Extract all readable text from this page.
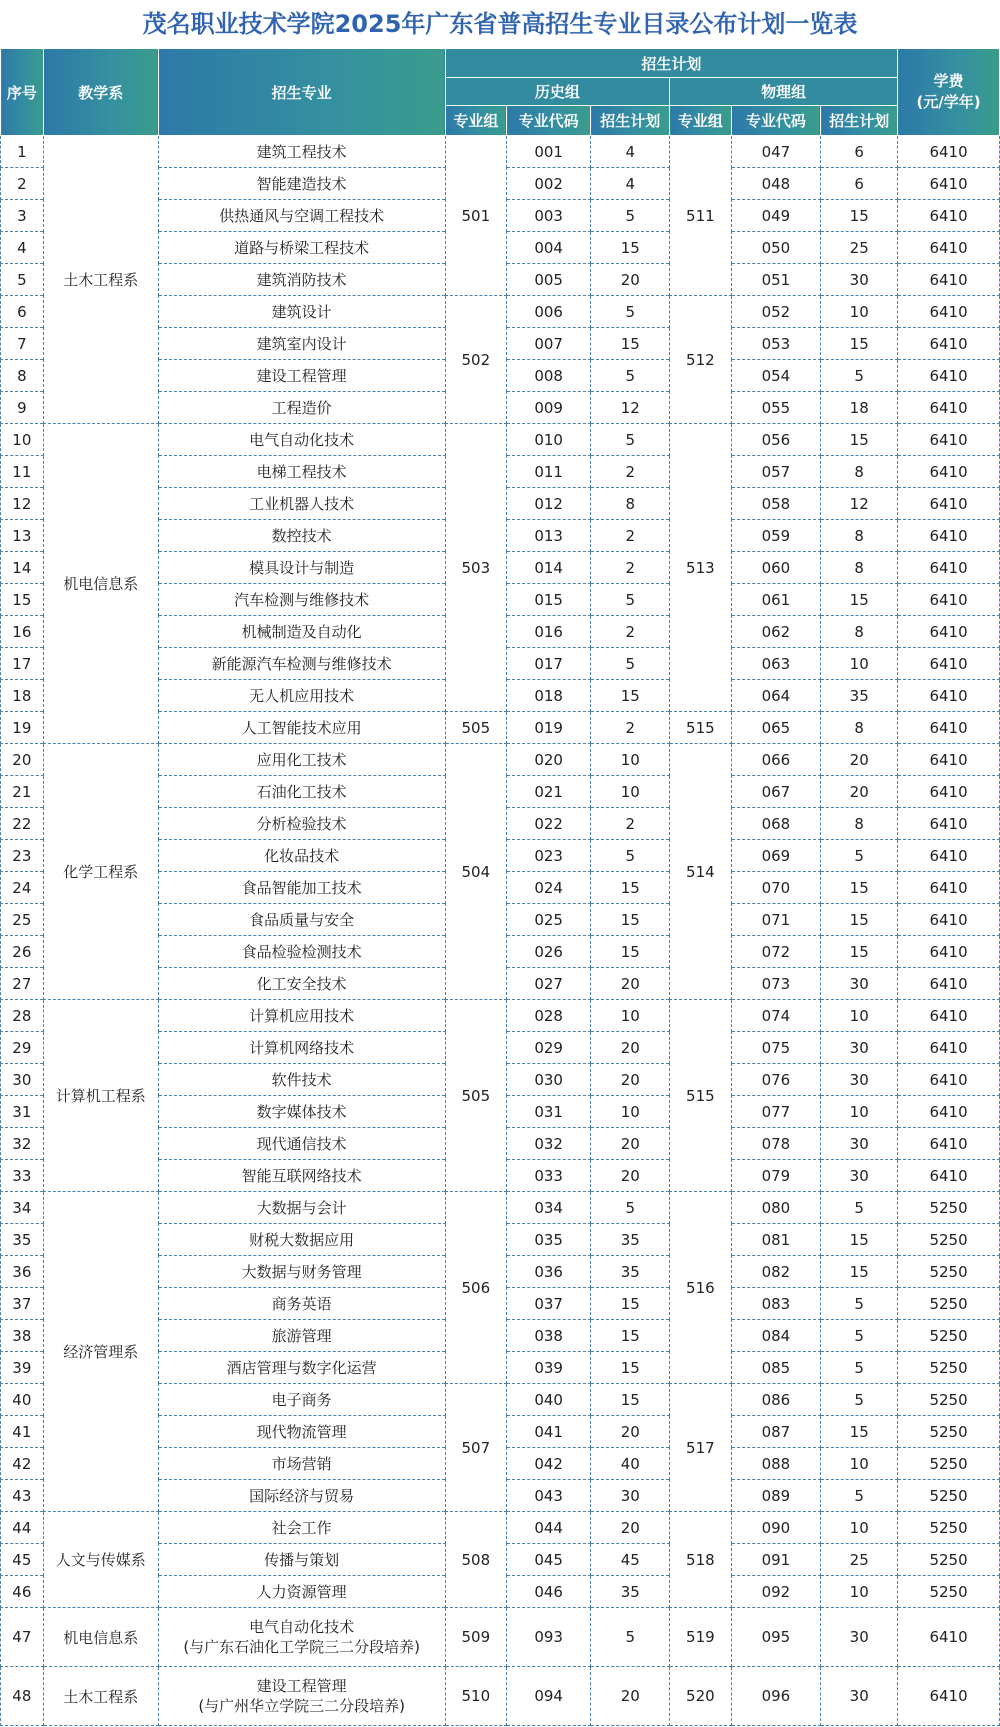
茂名职业技术学院2025年广东省普高招生专业目录公布计划一览表
序号	教学系	招生专业	招生计划						学费
(元/学年)

			历史组			物理组			
			专业组	专业代码	招生计划	专业组	专业代码	招生计划	
1	土木工程系	建筑工程技术	501	001	4	511	047	6	6410
2		智能建造技术		002	4		048	6	6410
3		供热通风与空调工程技术		003	5		049	15	6410
4		道路与桥梁工程技术		004	15		050	25	6410
5		建筑消防技术		005	20		051	30	6410
6		建筑设计	502	006	5	512	052	10	6410
7		建筑室内设计		007	15		053	15	6410
8		建设工程管理		008	5		054	5	6410
9		工程造价		009	12		055	18	6410
10	机电信息系	电气自动化技术	503	010	5	513	056	15	6410
11		电梯工程技术		011	2		057	8	6410
12		工业机器人技术		012	8		058	12	6410
13		数控技术		013	2		059	8	6410
14		模具设计与制造		014	2		060	8	6410
15		汽车检测与维修技术		015	5		061	15	6410
16		机械制造及自动化		016	2		062	8	6410
17		新能源汽车检测与维修技术		017	5		063	10	6410
18		无人机应用技术		018	15		064	35	6410
19		人工智能技术应用	505	019	2	515	065	8	6410
20	化学工程系	应用化工技术	504	020	10	514	066	20	6410
21		石油化工技术		021	10		067	20	6410
22		分析检验技术		022	2		068	8	6410
23		化妆品技术		023	5		069	5	6410
24		食品智能加工技术		024	15		070	15	6410
25		食品质量与安全		025	15		071	15	6410
26		食品检验检测技术		026	15		072	15	6410
27		化工安全技术		027	20		073	30	6410
28	计算机工程系	计算机应用技术	505	028	10	515	074	10	6410
29		计算机网络技术		029	20		075	30	6410
30		软件技术		030	20		076	30	6410
31		数字媒体技术		031	10		077	10	6410
32		现代通信技术		032	20		078	30	6410
33		智能互联网络技术		033	20		079	30	6410
34	经济管理系	大数据与会计	506	034	5	516	080	5	5250
35		财税大数据应用		035	35		081	15	5250
36		大数据与财务管理		036	35		082	15	5250
37		商务英语		037	15		083	5	5250
38		旅游管理		038	15		084	5	5250
39		酒店管理与数字化运营		039	15		085	5	5250
40		电子商务	507	040	15	517	086	5	5250
41		现代物流管理		041	20		087	15	5250
42		市场营销		042	40		088	10	5250
43		国际经济与贸易		043	30		089	5	5250
44	人文与传媒系	社会工作	508	044	20	518	090	10	5250
45		传播与策划		045	45		091	25	5250
46		人力资源管理		046	35		092	10	5250
47	机电信息系	电气自动化技术
(与广东石油化工学院三二分段培养)	509	093	5	519	095	30	6410
48	土木工程系	建设工程管理
(与广州华立学院三二分段培养)	510	094	20	520	096	30	6410
